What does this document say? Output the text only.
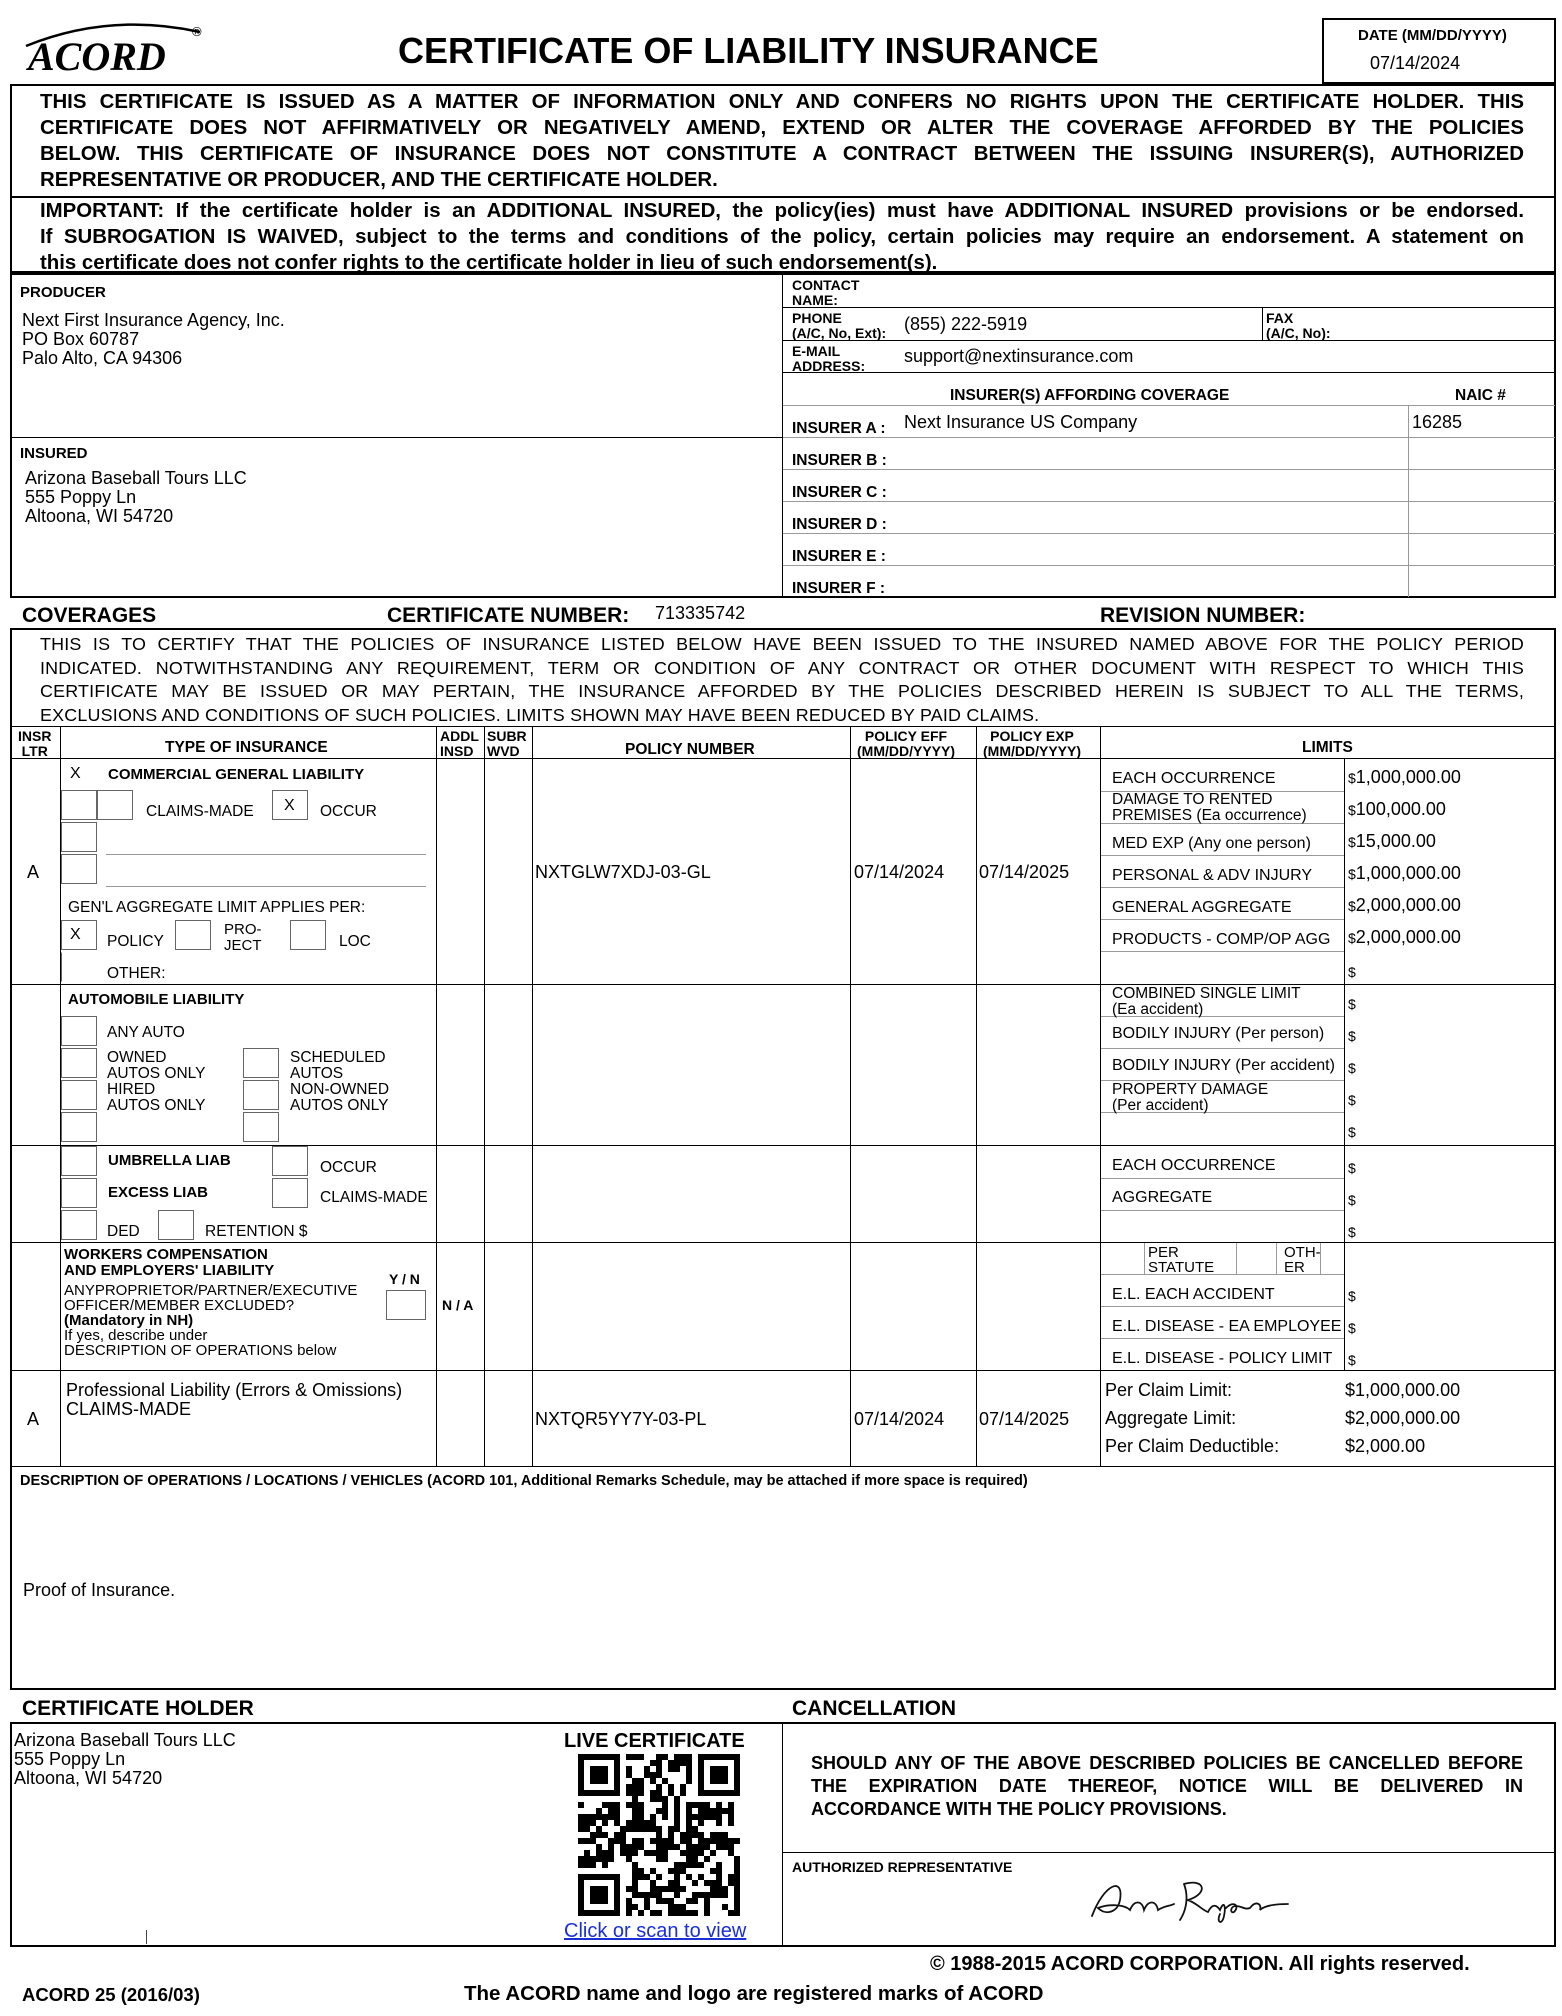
ACORD
®	CERTIFICATE OF LIABILITY INSURANCE	DATE (MM/DD/YYYY)
07/14/2024
THIS CERTIFICATE IS ISSUED AS A MATTER OF INFORMATION ONLY AND CONFERS NO RIGHTS UPON THE CERTIFICATE HOLDER. THIS
CERTIFICATE DOES NOT AFFIRMATIVELY OR NEGATIVELY AMEND, EXTEND OR ALTER THE COVERAGE AFFORDED BY THE POLICIES
BELOW. THIS CERTIFICATE OF INSURANCE DOES NOT CONSTITUTE A CONTRACT BETWEEN THE ISSUING INSURER(S), AUTHORIZED
REPRESENTATIVE OR PRODUCER, AND THE CERTIFICATE HOLDER.
IMPORTANT: If the certificate holder is an ADDITIONAL INSURED, the policy(ies) must have ADDITIONAL INSURED provisions or be endorsed.
If SUBROGATION IS WAIVED, subject to the terms and conditions of the policy, certain policies may require an endorsement. A statement on
this certificate does not confer rights to the certificate holder in lieu of such endorsement(s).
PRODUCER
Next First Insurance Agency, Inc.
PO Box 60787
Palo Alto, CA 94306
INSURED
Arizona Baseball Tours LLC
555 Poppy Ln
Altoona, WI 54720
CONTACT
NAME:
PHONE
(A/C, No, Ext): (855) 222-5919	FAX
(A/C, No):
E-MAIL
ADDRESS: support@nextinsurance.com
INSURER(S) AFFORDING COVERAGE	NAIC #
INSURER A : Next Insurance US Company	16285
INSURER B :
INSURER C :
INSURER D :
INSURER E :
INSURER F :
COVERAGES	CERTIFICATE NUMBER: 713335742	REVISION NUMBER:
THIS IS TO CERTIFY THAT THE POLICIES OF INSURANCE LISTED BELOW HAVE BEEN ISSUED TO THE INSURED NAMED ABOVE FOR THE POLICY PERIOD
INDICATED. NOTWITHSTANDING ANY REQUIREMENT, TERM OR CONDITION OF ANY CONTRACT OR OTHER DOCUMENT WITH RESPECT TO WHICH THIS
CERTIFICATE MAY BE ISSUED OR MAY PERTAIN, THE INSURANCE AFFORDED BY THE POLICIES DESCRIBED HEREIN IS SUBJECT TO ALL THE TERMS,
EXCLUSIONS AND CONDITIONS OF SUCH POLICIES. LIMITS SHOWN MAY HAVE BEEN REDUCED BY PAID CLAIMS.
INSR
LTR	TYPE OF INSURANCE
ADDL
INSD
SUBR
WVD	POLICY NUMBER
POLICY EFF
(MM/DD/YYYY)
POLICY EXP
(MM/DD/YYYY)	LIMITS
X COMMERCIAL GENERAL LIABILITY
CLAIMS-MADE X OCCUR
GEN'L AGGREGATE LIMIT APPLIES PER:
X POLICY
PRO-
JECT	LOC
OTHER:
A	NXTGLW7XDJ-03-GL	07/14/2024 07/14/2025
EACH OCCURRENCE	$1,000,000.00
DAMAGE TO RENTED
PREMISES (Ea occurrence)	$100,000.00
MED EXP (Any one person)	$15,000.00
PERSONAL & ADV INJURY	$1,000,000.00
GENERAL AGGREGATE	$2,000,000.00
PRODUCTS - COMP/OP AGG $2,000,000.00
$
AUTOMOBILE LIABILITY
ANY AUTO
OWNED
AUTOS ONLY
SCHEDULED
AUTOS
HIRED
AUTOS ONLY
NON-OWNED
AUTOS ONLY
COMBINED SINGLE LIMIT
(Ea accident)	$
BODILY INJURY (Per person) $
BODILY INJURY (Per accident) $
PROPERTY DAMAGE
(Per accident)	$
$
UMBRELLA LIAB	OCCUR
EXCESS LIAB	CLAIMS-MADE
DED	RETENTION $
EACH OCCURRENCE	$
AGGREGATE	$
$
WORKERS COMPENSATION
AND EMPLOYERS' LIABILITY
Y / N
ANYPROPRIETOR/PARTNER/EXECUTIVE
OFFICER/MEMBER EXCLUDED?
(Mandatory in NH)
If yes, describe under
DESCRIPTION OF OPERATIONS below
N / A
PER
STATUTE
OTH-
ER
E.L. EACH ACCIDENT	$
E.L. DISEASE - EA EMPLOYEE $
E.L. DISEASE - POLICY LIMIT $
A
Professional Liability (Errors & Omissions)
CLAIMS-MADE
NXTQR5YY7Y-03-PL	07/14/2024 07/14/2025
Per Claim Limit:	$1,000,000.00
Aggregate Limit:	$2,000,000.00
Per Claim Deductible:	$2,000.00
DESCRIPTION OF OPERATIONS / LOCATIONS / VEHICLES (ACORD 101, Additional Remarks Schedule, may be attached if more space is required)
Proof of Insurance.
CERTIFICATE HOLDER	CANCELLATION
Arizona Baseball Tours LLC
555 Poppy Ln
Altoona, WI 54720
LIVE CERTIFICATE
Click or scan to view
SHOULD ANY OF THE ABOVE DESCRIBED POLICIES BE CANCELLED BEFORE
THE EXPIRATION DATE THEREOF, NOTICE WILL BE DELIVERED IN
ACCORDANCE WITH THE POLICY PROVISIONS.
AUTHORIZED REPRESENTATIVE
© 1988-2015 ACORD CORPORATION. All rights reserved.
ACORD 25 (2016/03)	The ACORD name and logo are registered marks of ACORD
